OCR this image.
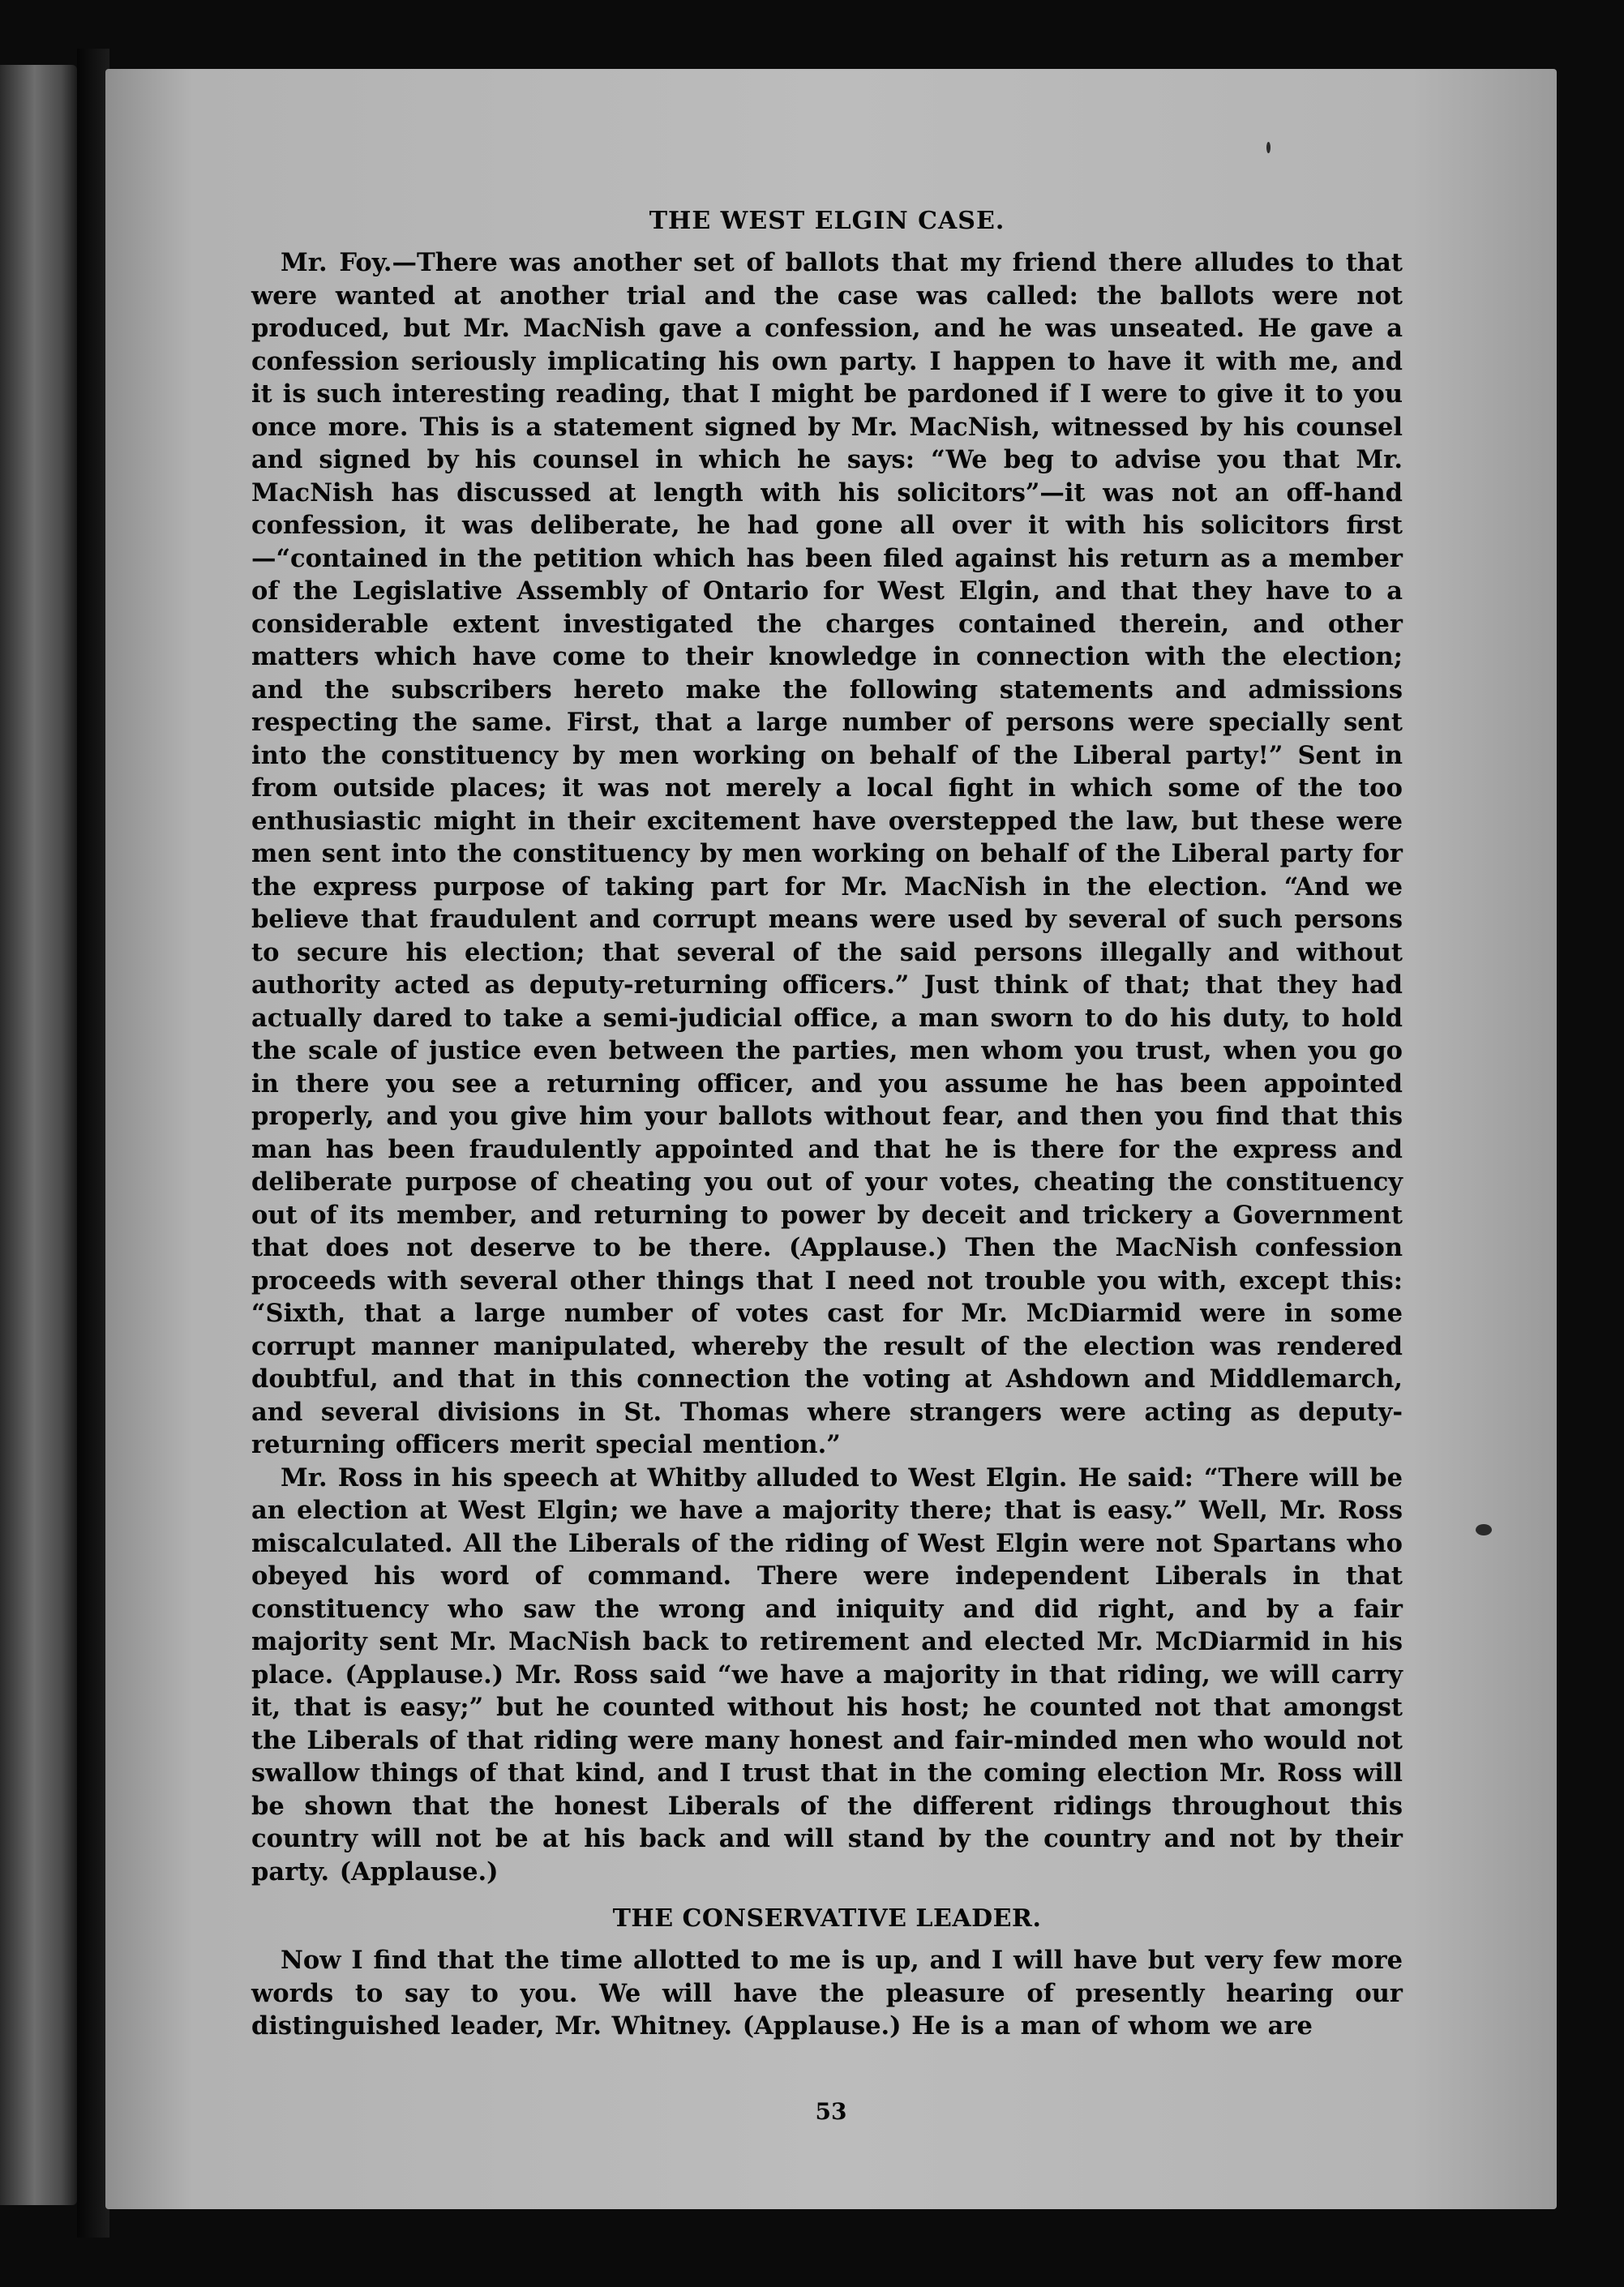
THE WEST ELGIN CASE.

Mr. Foy.—There was another set of ballots that my friend there alludes to that were wanted at another trial and the case was called: the ballots were not produced, but Mr. MacNish gave a confession, and he was unseated. He gave a confession seriously implicating his own party. I happen to have it with me, and it is such interesting reading, that I might be pardoned if I were to give it to you once more. This is a statement signed by Mr. MacNish, witnessed by his counsel and signed by his counsel in which he says: “We beg to advise you that Mr. MacNish has discussed at length with his solicitors”—it was not an off-hand confession, it was deliberate, he had gone all over it with his solicitors first—“contained in the petition which has been filed against his return as a member of the Legislative Assembly of Ontario for West Elgin, and that they have to a considerable extent investigated the charges contained therein, and other matters which have come to their knowledge in connection with the election; and the subscribers hereto make the following statements and admissions respecting the same. First, that a large number of persons were specially sent into the constituency by men working on behalf of the Liberal party!” Sent in from outside places; it was not merely a local fight in which some of the too enthusiastic might in their excitement have overstepped the law, but these were men sent into the constituency by men working on behalf of the Liberal party for the express purpose of taking part for Mr. MacNish in the election. “And we believe that fraudulent and corrupt means were used by several of such persons to secure his election; that several of the said persons illegally and without authority acted as deputy-returning officers.” Just think of that; that they had actually dared to take a semi-judicial office, a man sworn to do his duty, to hold the scale of justice even between the parties, men whom you trust, when you go in there you see a returning officer, and you assume he has been appointed properly, and you give him your ballots without fear, and then you find that this man has been fraudulently appointed and that he is there for the express and deliberate purpose of cheating you out of your votes, cheating the constituency out of its member, and returning to power by deceit and trickery a Government that does not deserve to be there. (Applause.) Then the MacNish confession proceeds with several other things that I need not trouble you with, except this: “Sixth, that a large number of votes cast for Mr. McDiarmid were in some corrupt manner manipulated, whereby the result of the election was rendered doubtful, and that in this connection the voting at Ashdown and Middlemarch, and several divisions in St. Thomas where strangers were acting as deputy-returning officers merit special mention.”

Mr. Ross in his speech at Whitby alluded to West Elgin. He said: “There will be an election at West Elgin; we have a majority there; that is easy.” Well, Mr. Ross miscalculated. All the Liberals of the riding of West Elgin were not Spartans who obeyed his word of command. There were independent Liberals in that constituency who saw the wrong and iniquity and did right, and by a fair majority sent Mr. MacNish back to retirement and elected Mr. McDiarmid in his place. (Applause.) Mr. Ross said “we have a majority in that riding, we will carry it, that is easy;” but he counted without his host; he counted not that amongst the Liberals of that riding were many honest and fair-minded men who would not swallow things of that kind, and I trust that in the coming election Mr. Ross will be shown that the honest Liberals of the different ridings throughout this country will not be at his back and will stand by the country and not by their party. (Applause.)

THE CONSERVATIVE LEADER.

Now I find that the time allotted to me is up, and I will have but very few more words to say to you. We will have the pleasure of presently hearing our distinguished leader, Mr. Whitney. (Applause.) He is a man of whom we are

53
